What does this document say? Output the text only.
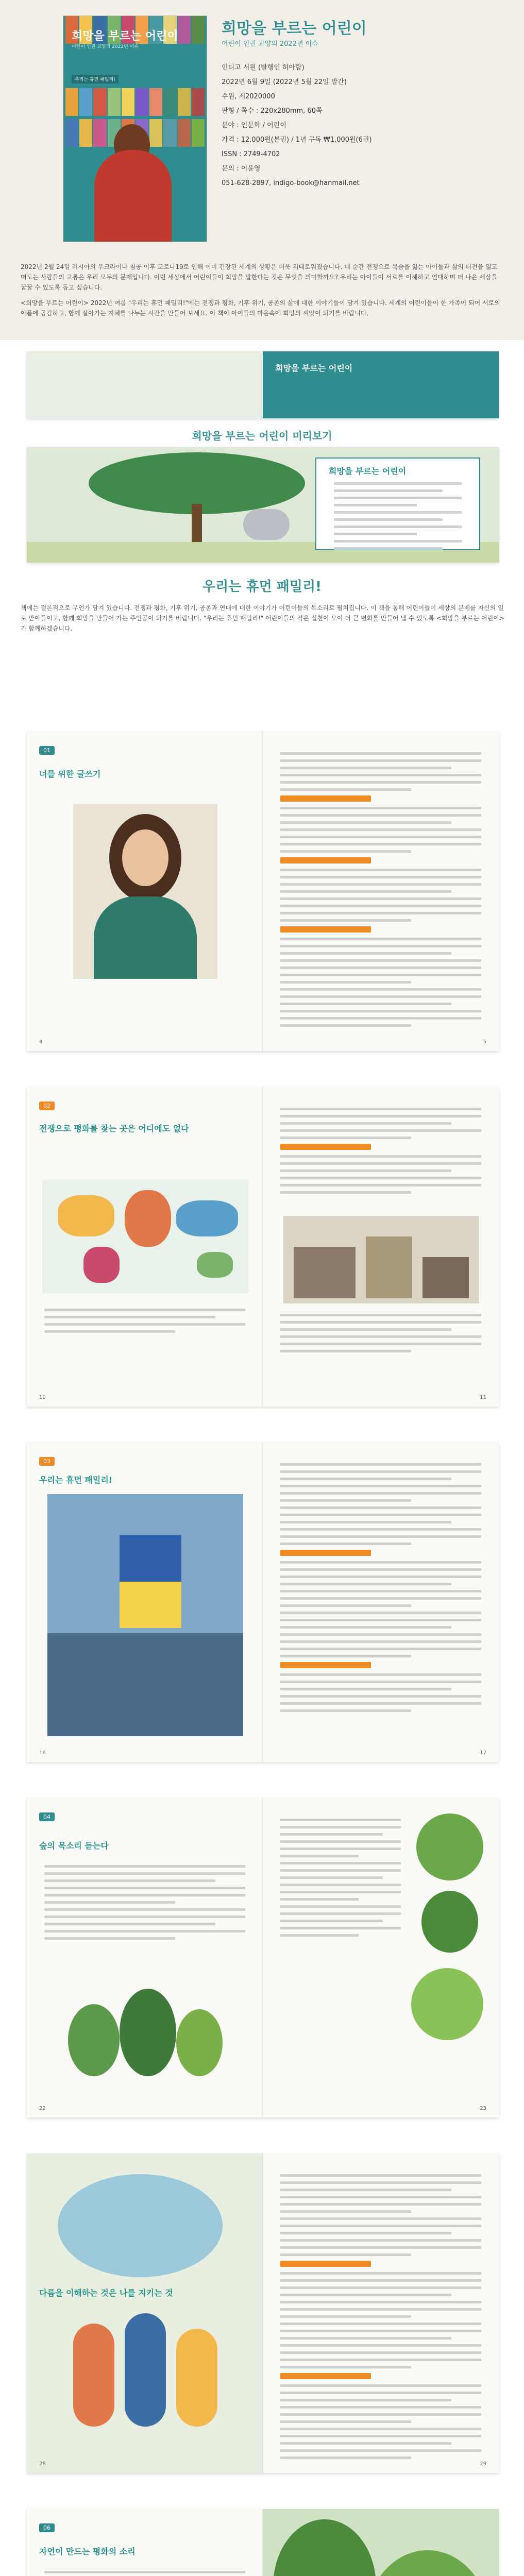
희망을 부르는 어린이
어린이 인권 교양의 2022년 이슈
우리는 휴먼 패밀리!
희망을 부르는 어린이
어린이 인권 교양의 2022년 이슈
인디고 서원 (발행인 허아람)
2022년 6월 9일 (2022년 5월 22일 발간)
수원, 제2020000
판형 / 쪽수 : 220x280mm, 60쪽
분야 : 인문학 / 어린이
가격 : 12,000원(본권) / 1년 구독 ₩1,000원(6권)
ISSN : 2749-4702
문의 : 이윤영
051-628-2897, indigo-book@hanmail.net

2022년 2월 24일 러시아의 우크라이나 침공 이후 코로나19로 인해 이미 긴장된 세계의 상황은 더욱 위태로워졌습니다. 매 순간 전쟁으로 목숨을 잃는 아이들과 삶의 터전을 잃고 떠도는 사람들의 고통은 우리 모두의 문제입니다. 이런 세상에서 어린이들이 희망을 말한다는 것은 무엇을 의미할까요? 우리는 아이들이 서로를 이해하고 연대하며 더 나은 세상을 꿈꿀 수 있도록 돕고 싶습니다.

<희망을 부르는 어린이> 2022년 여름 "우리는 휴먼 패밀리!"에는 전쟁과 평화, 기후 위기, 공존의 삶에 대한 이야기들이 담겨 있습니다. 세계의 어린이들이 한 가족이 되어 서로의 아픔에 공감하고, 함께 살아가는 지혜를 나누는 시간을 만들어 보세요. 이 책이 아이들의 마음속에 희망의 씨앗이 되기를 바랍니다.

희망을 부르는 어린이
희망을 부르는 어린이 미리보기
희망을 부르는 어린이
우리는 휴먼 패밀리!
책에는 결론적으로 무언가 담겨 있습니다. 전쟁과 평화, 기후 위기, 공존과 연대에 대한 이야기가 어린이들의 목소리로 펼쳐집니다. 이 책을 통해 어린이들이 세상의 문제를 자신의 일로 받아들이고, 함께 희망을 만들어 가는 주인공이 되기를 바랍니다. "우리는 휴먼 패밀리!" 어린이들의 작은 실천이 모여 더 큰 변화를 만들어 낼 수 있도록 <희망을 부르는 어린이>가 함께하겠습니다.
01
너를 위한 글쓰기
4	5
02
전쟁으로 평화를 찾는 곳은 어디에도 없다
10	11
03
우리는 휴먼 패밀리!
16	17
04
숲의 목소리 듣는다
22	23
다름을 이해하는 것은 나를 지키는 것
28	29
06
자연이 만드는 평화의 소리
